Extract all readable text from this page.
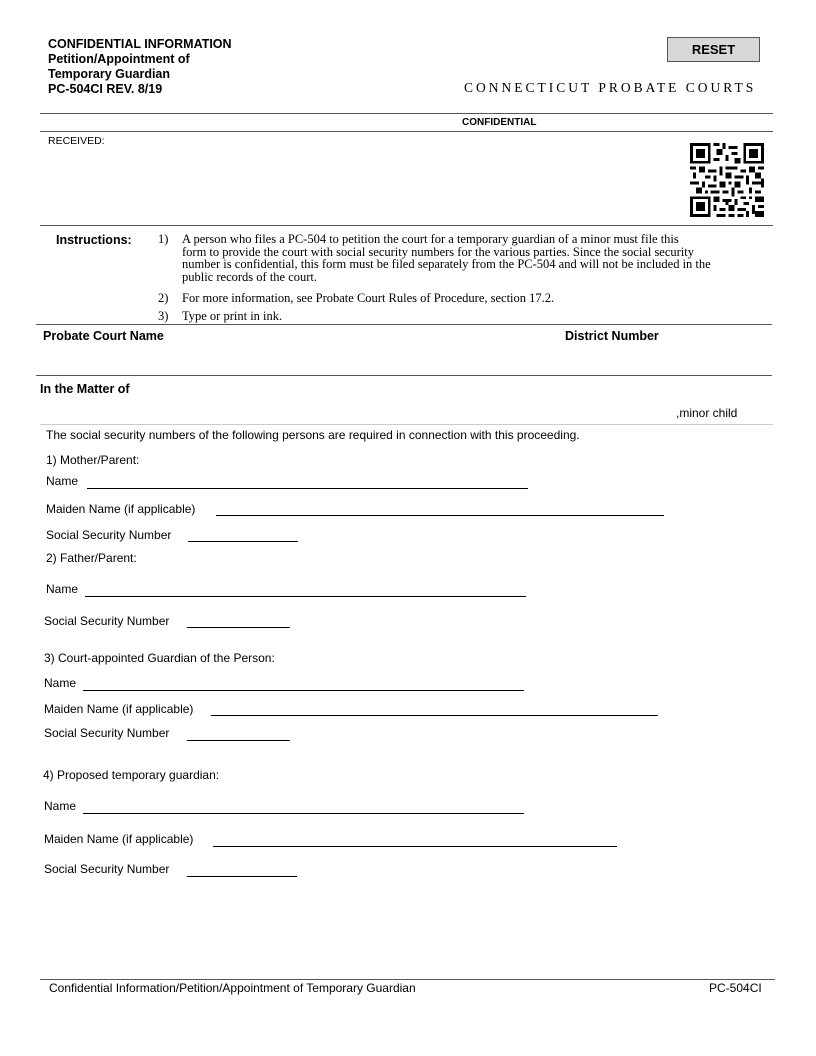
CONFIDENTIAL INFORMATION
Petition/Appointment of
Temporary Guardian
PC-504CI REV. 8/19
RESET
CONNECTICUT PROBATE COURTS
CONFIDENTIAL
RECEIVED:
Instructions: 1) A person who files a PC-504 to petition the court for a temporary guardian of a minor must file this
form to provide the court with social security numbers for the various parties. Since the social security
number is confidential, this form must be filed separately from the PC-504 and will not be included in the
public records of the court.
2) For more information, see Probate Court Rules of Procedure, section 17.2.
3) Type or print in ink.
Probate Court Name	District Number
In the Matter of
,minor child
The social security numbers of the following persons are required in connection with this proceeding.
1) Mother/Parent:
Name
Maiden Name (if applicable)
Social Security Number
2) Father/Parent:
Name
Social Security Number
3) Court-appointed Guardian of the Person:
Name
Maiden Name (if applicable)
Social Security Number
4) Proposed temporary guardian:
Name
Maiden Name (if applicable)
Social Security Number
Confidential Information/Petition/Appointment of Temporary Guardian	PC-504CI
